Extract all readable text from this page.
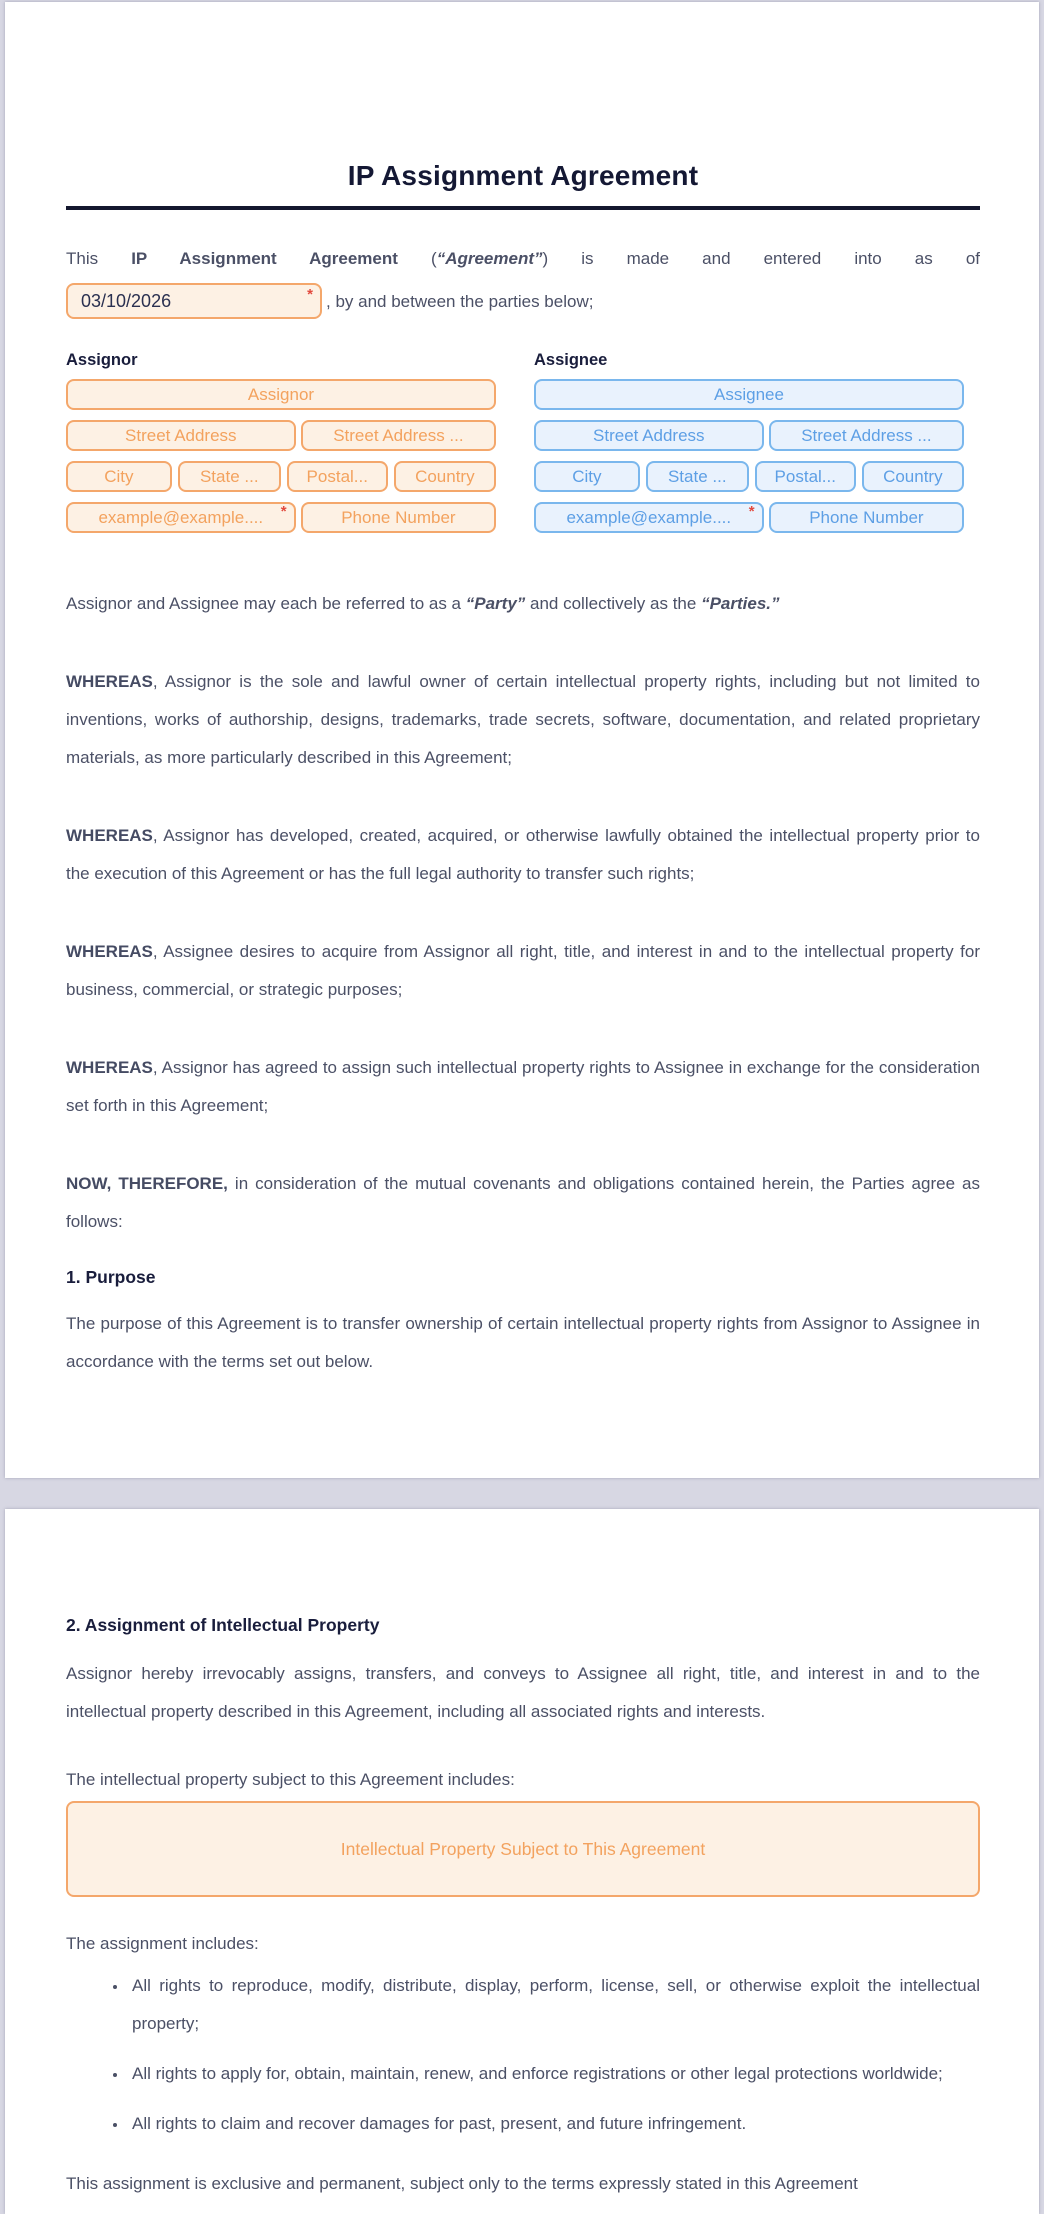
IP Assignment Agreement
This IP Assignment Agreement (“Agreement”) is made and entered into as of
03/10/2026	* , by and between the parties below;
Assignor
Assignor
Street Address	Street Address ...
City	State ...	Postal...	Country
example@example.... *	Phone Number
Assignee
Assignee
Street Address	Street Address ...
City	State ...	Postal...	Country
example@example.... *	Phone Number
Assignor and Assignee may each be referred to as a “Party” and collectively as the “Parties.”
WHEREAS, Assignor is the sole and lawful owner of certain intellectual property rights, including but not limited to inventions, works of authorship, designs, trademarks, trade secrets, software, documentation, and related proprietary materials, as more particularly described in this Agreement;
WHEREAS, Assignor has developed, created, acquired, or otherwise lawfully obtained the intellectual property prior to the execution of this Agreement or has the full legal authority to transfer such rights;
WHEREAS, Assignee desires to acquire from Assignor all right, title, and interest in and to the intellectual property for business, commercial, or strategic purposes;
WHEREAS, Assignor has agreed to assign such intellectual property rights to Assignee in exchange for the consideration set forth in this Agreement;
NOW, THEREFORE, in consideration of the mutual covenants and obligations contained herein, the Parties agree as follows:
1. Purpose
The purpose of this Agreement is to transfer ownership of certain intellectual property rights from Assignor to Assignee in accordance with the terms set out below.
2. Assignment of Intellectual Property
Assignor hereby irrevocably assigns, transfers, and conveys to Assignee all right, title, and interest in and to the intellectual property described in this Agreement, including all associated rights and interests.
The intellectual property subject to this Agreement includes:
Intellectual Property Subject to This Agreement
The assignment includes:
• All rights to reproduce, modify, distribute, display, perform, license, sell, or otherwise exploit the intellectual property;
• All rights to apply for, obtain, maintain, renew, and enforce registrations or other legal protections worldwide;
• All rights to claim and recover damages for past, present, and future infringement.
This assignment is exclusive and permanent, subject only to the terms expressly stated in this Agreement
